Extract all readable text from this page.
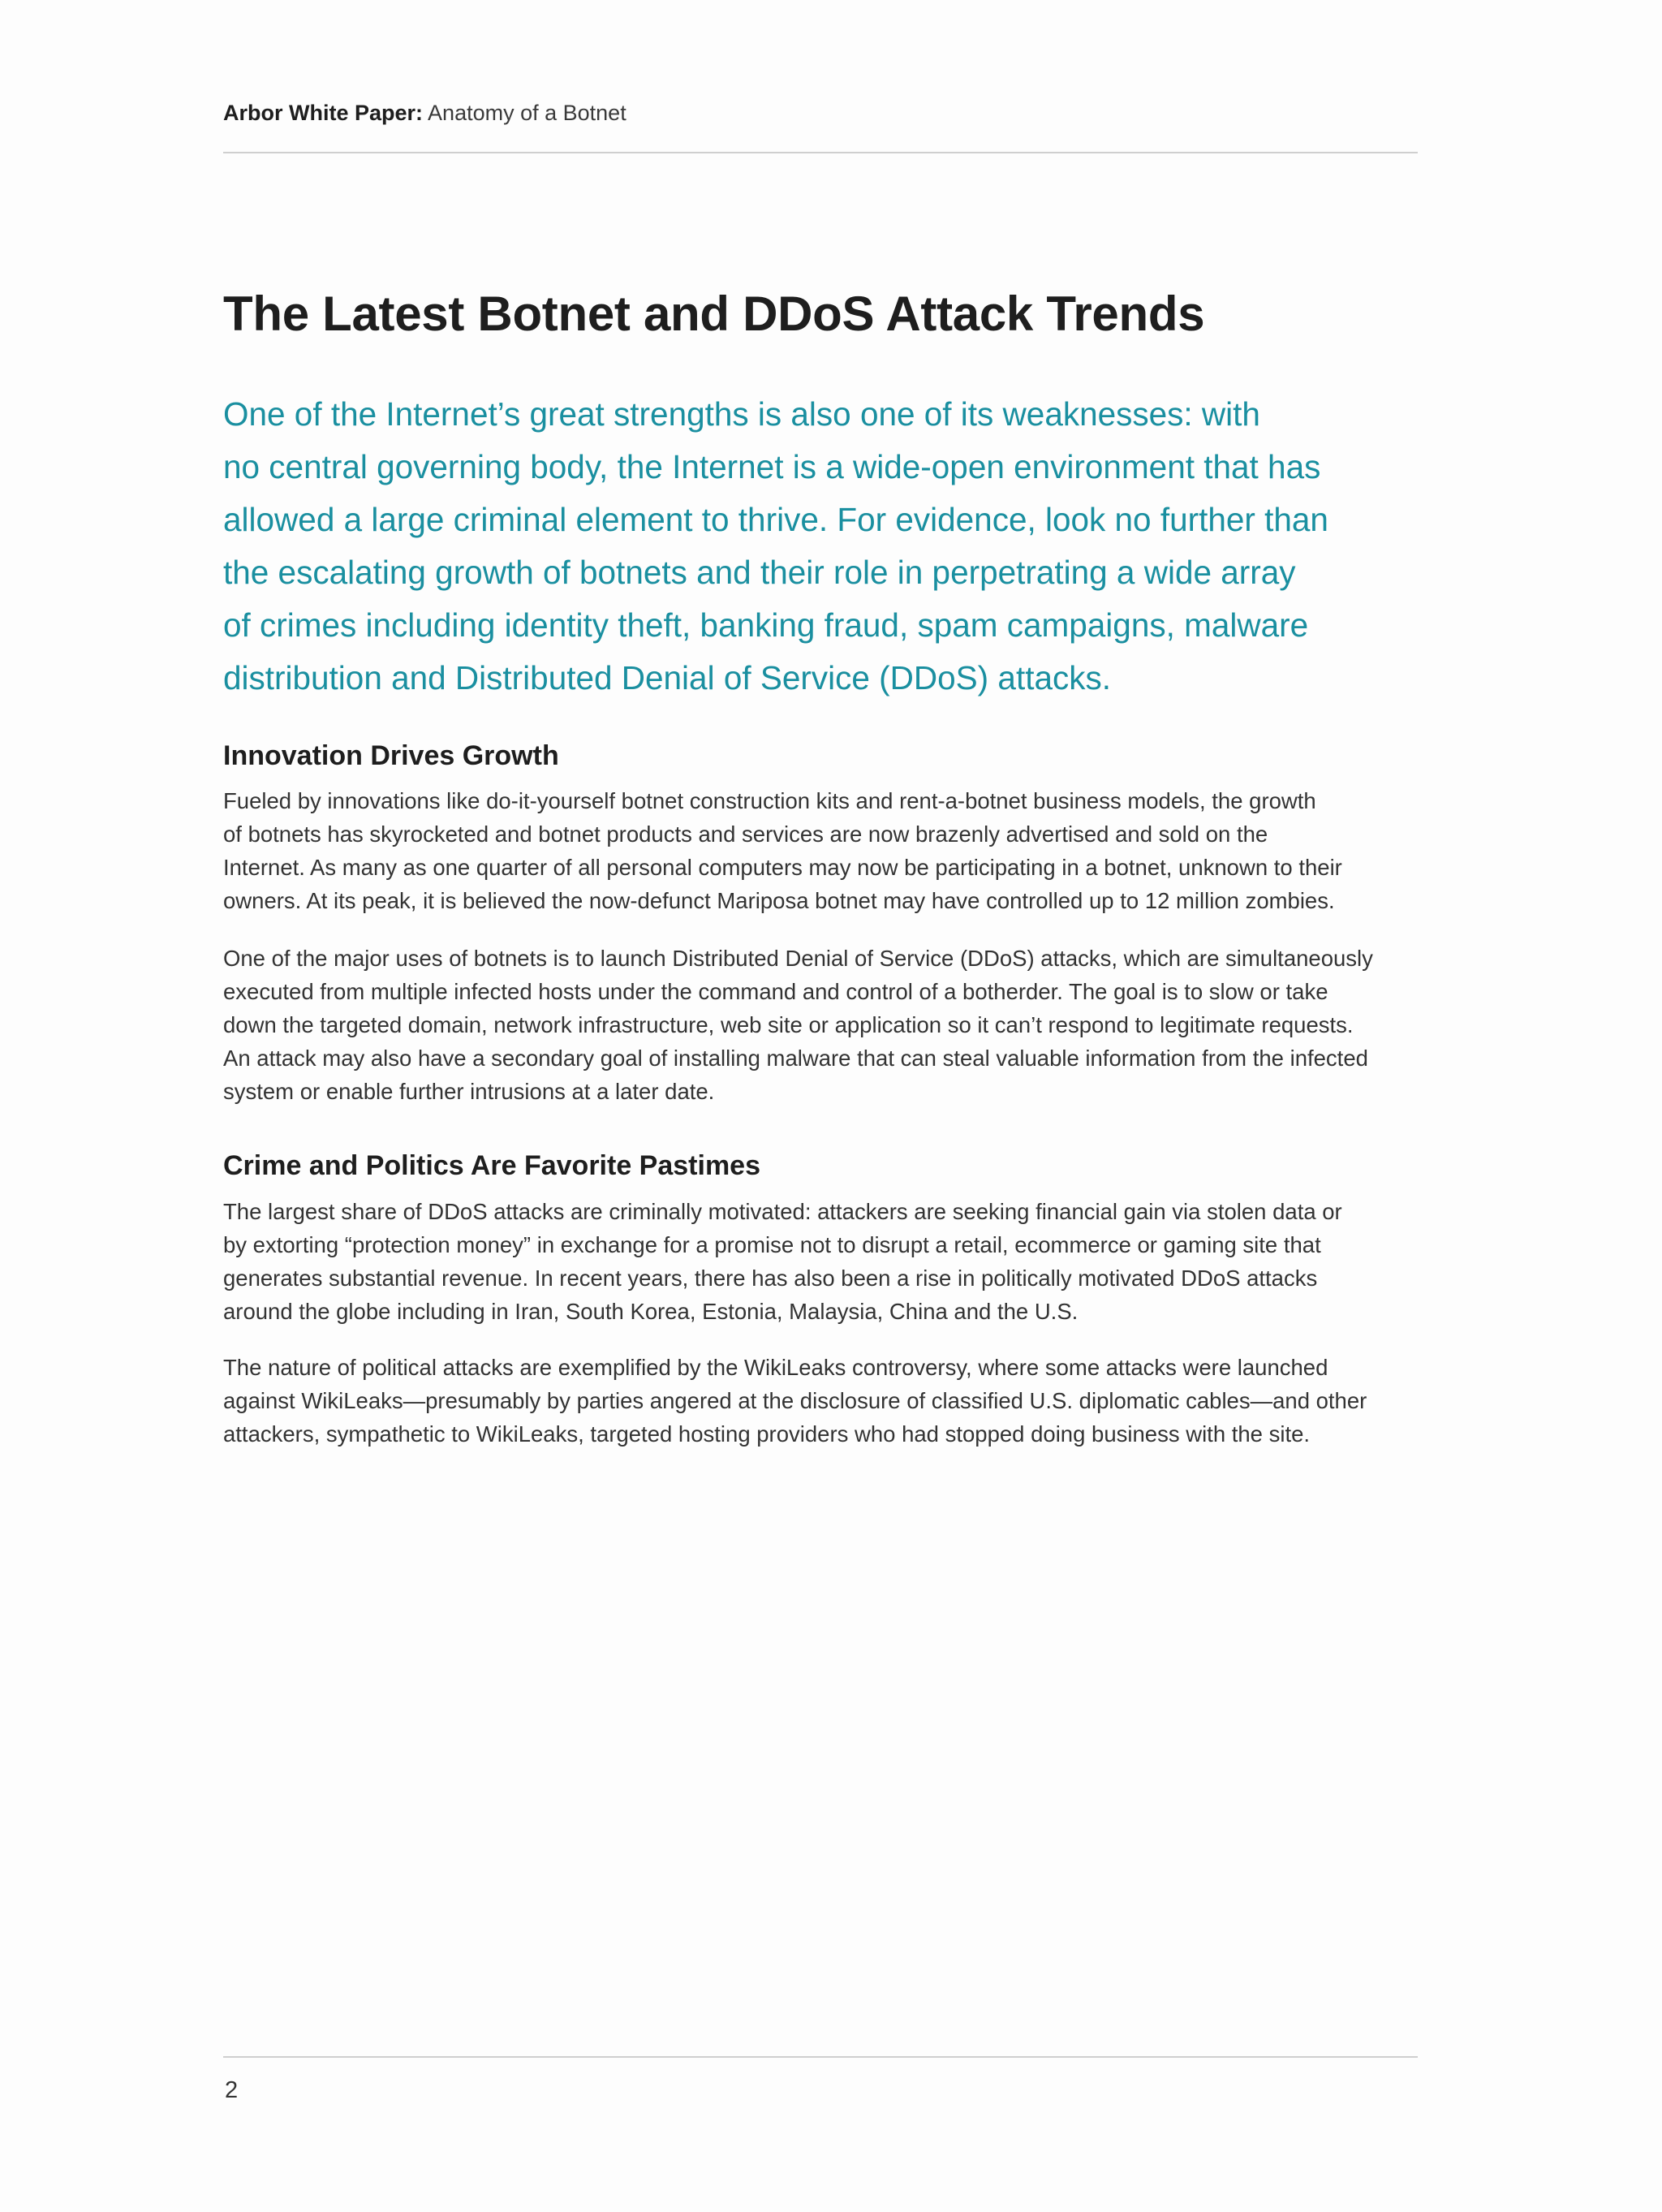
Arbor White Paper: Anatomy of a Botnet
The Latest Botnet and DDoS Attack Trends

One of the Internet’s great strengths is also one of its weaknesses: with
no central governing body, the Internet is a wide-open environment that has
allowed a large criminal element to thrive. For evidence, look no further than
the escalating growth of botnets and their role in perpetrating a wide array
of crimes including identity theft, banking fraud, spam campaigns, malware
distribution and Distributed Denial of Service (DDoS) attacks.

Innovation Drives Growth

Fueled by innovations like do-it-yourself botnet construction kits and rent-a-botnet business models, the growth
of botnets has skyrocketed and botnet products and services are now brazenly advertised and sold on the
Internet. As many as one quarter of all personal computers may now be participating in a botnet, unknown to their
owners. At its peak, it is believed the now-defunct Mariposa botnet may have controlled up to 12 million zombies.

One of the major uses of botnets is to launch Distributed Denial of Service (DDoS) attacks, which are simultaneously
executed from multiple infected hosts under the command and control of a botherder. The goal is to slow or take
down the targeted domain, network infrastructure, web site or application so it can’t respond to legitimate requests.
An attack may also have a secondary goal of installing malware that can steal valuable information from the infected
system or enable further intrusions at a later date.

Crime and Politics Are Favorite Pastimes

The largest share of DDoS attacks are criminally motivated: attackers are seeking financial gain via stolen data or
by extorting “protection money” in exchange for a promise not to disrupt a retail, ecommerce or gaming site that
generates substantial revenue. In recent years, there has also been a rise in politically motivated DDoS attacks
around the globe including in Iran, South Korea, Estonia, Malaysia, China and the U.S.

The nature of political attacks are exemplified by the WikiLeaks controversy, where some attacks were launched
against WikiLeaks—presumably by parties angered at the disclosure of classified U.S. diplomatic cables—and other
attackers, sympathetic to WikiLeaks, targeted hosting providers who had stopped doing business with the site.

2
